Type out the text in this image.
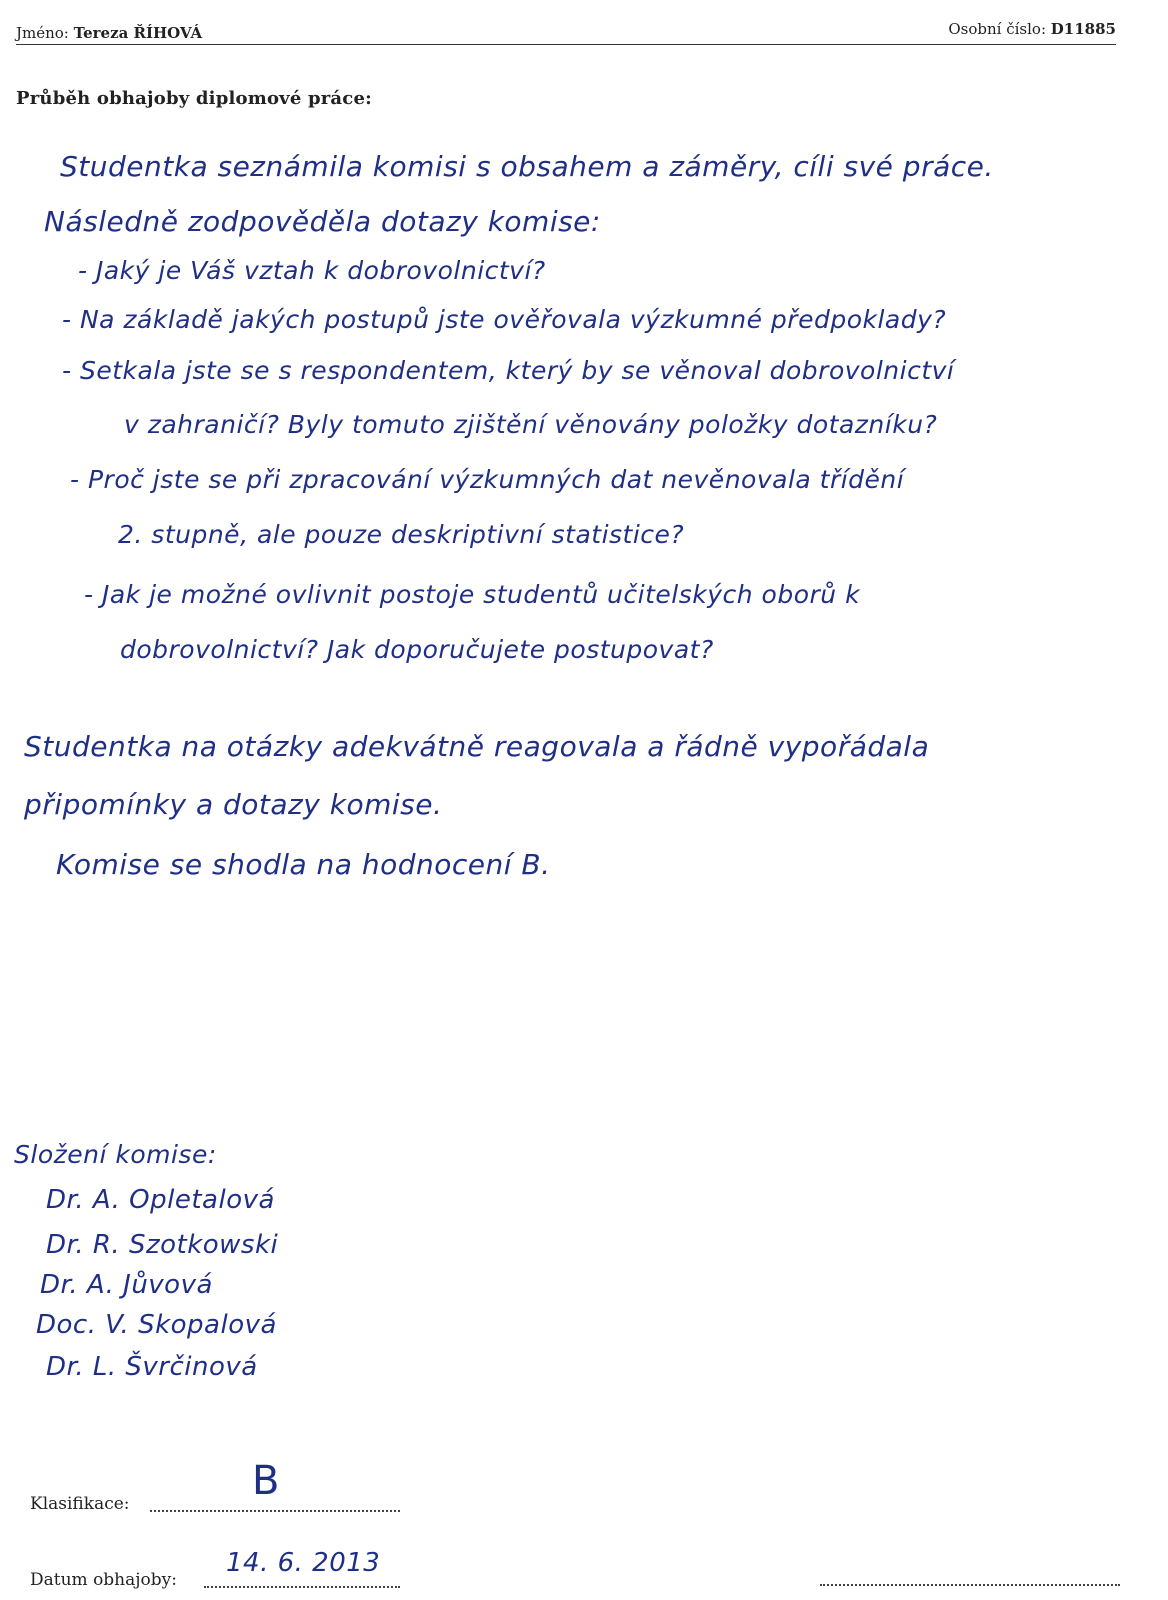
Jméno: Tereza ŘÍHOVÁ	Osobní číslo: D11885
Průběh obhajoby diplomové práce:
Studentka seznámila komisi s obsahem a záměry, cíli své práce.
Následně zodpověděla dotazy komise:
- Jaký je Váš vztah k dobrovolnictví?
- Na základě jakých postupů jste ověřovala výzkumné předpoklady?
- Setkala jste se s respondentem, který by se věnoval dobrovolnictví
v zahraničí? Byly tomuto zjištění věnovány položky dotazníku?
- Proč jste se při zpracování výzkumných dat nevěnovala třídění
2. stupně, ale pouze deskriptivní statistice?
- Jak je možné ovlivnit postoje studentů učitelských oborů k
dobrovolnictví? Jak doporučujete postupovat?
Studentka na otázky adekvátně reagovala a řádně vypořádala
připomínky a dotazy komise.
Komise se shodla na hodnocení B.
Složení komise:
Dr. A. Opletalová
Dr. R. Szotkowski
Dr. A. Jůvová
Doc. V. Skopalová
Dr. L. Švrčinová
Klasifikace:	B
Datum obhajoby:
14. 6. 2013
